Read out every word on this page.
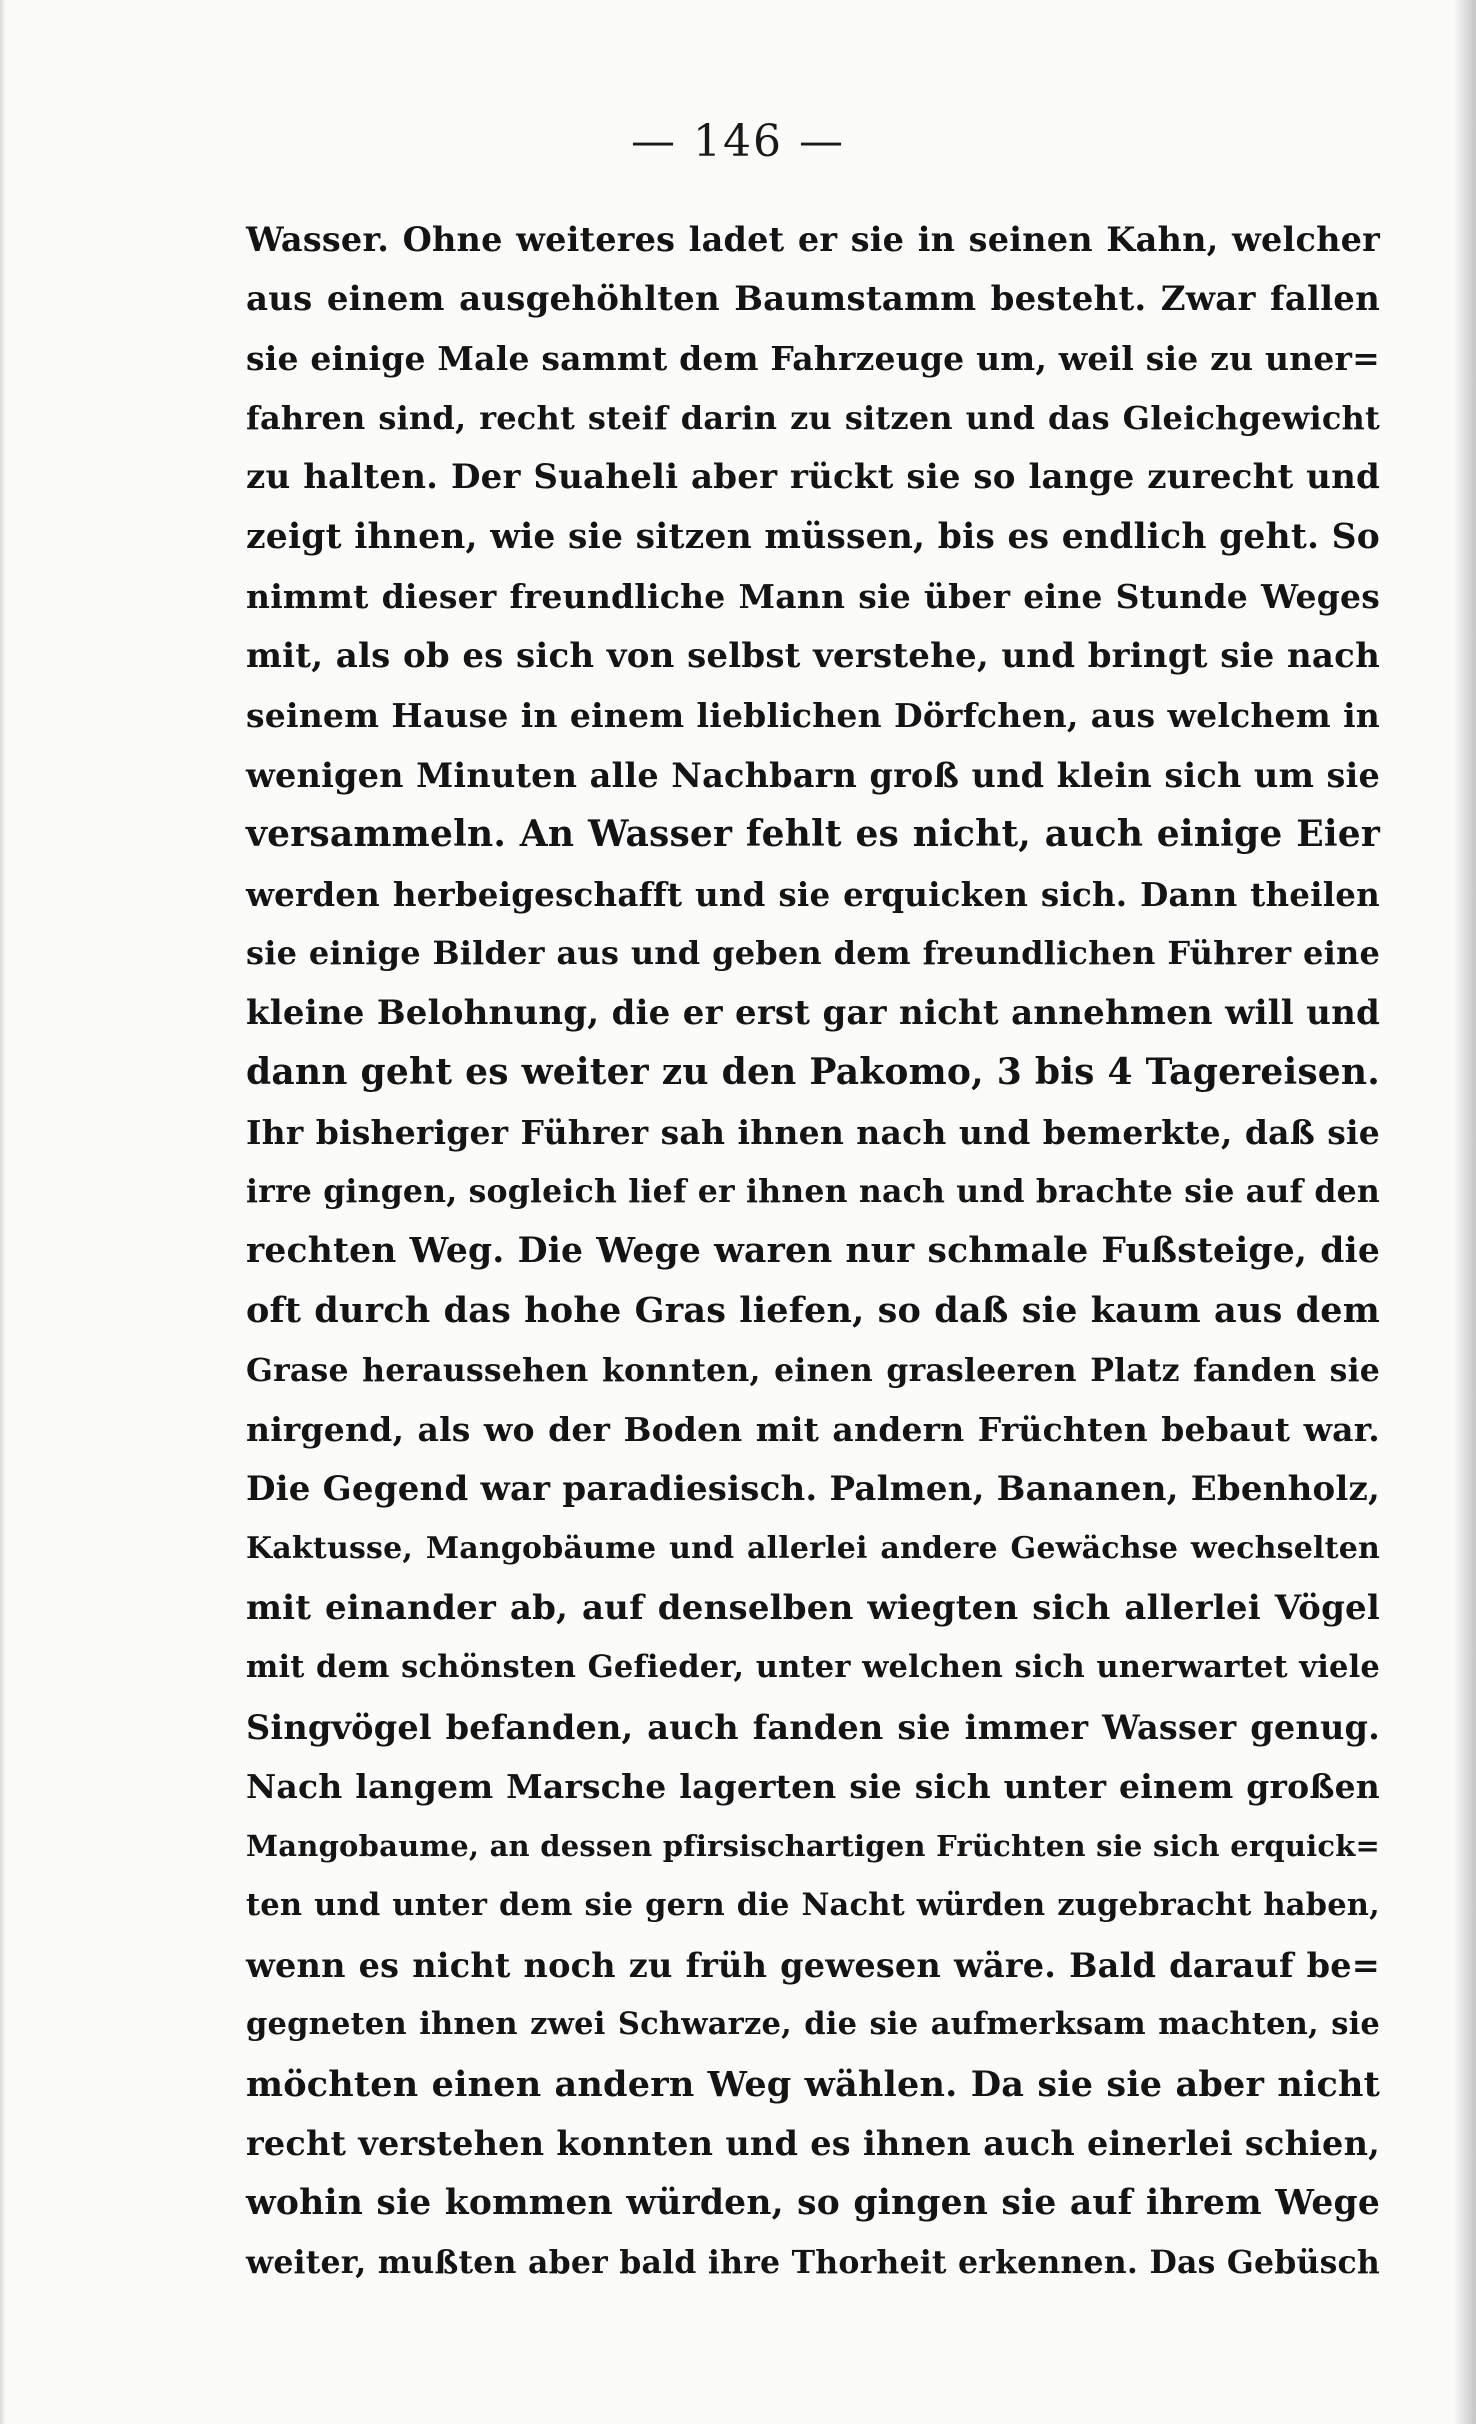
— 146 —
Wasser. Ohne weiteres ladet er sie in seinen Kahn, welcher
aus einem ausgehöhlten Baumstamm besteht. Zwar fallen
sie einige Male sammt dem Fahrzeuge um, weil sie zu uner=
fahren sind, recht steif darin zu sitzen und das Gleichgewicht
zu halten. Der Suaheli aber rückt sie so lange zurecht und
zeigt ihnen, wie sie sitzen müssen, bis es endlich geht. So
nimmt dieser freundliche Mann sie über eine Stunde Weges
mit, als ob es sich von selbst verstehe, und bringt sie nach
seinem Hause in einem lieblichen Dörfchen, aus welchem in
wenigen Minuten alle Nachbarn groß und klein sich um sie
versammeln. An Wasser fehlt es nicht, auch einige Eier
werden herbeigeschafft und sie erquicken sich. Dann theilen
sie einige Bilder aus und geben dem freundlichen Führer eine
kleine Belohnung, die er erst gar nicht annehmen will und
dann geht es weiter zu den Pakomo, 3 bis 4 Tagereisen.
Ihr bisheriger Führer sah ihnen nach und bemerkte, daß sie
irre gingen, sogleich lief er ihnen nach und brachte sie auf den
rechten Weg. Die Wege waren nur schmale Fußsteige, die
oft durch das hohe Gras liefen, so daß sie kaum aus dem
Grase heraussehen konnten, einen grasleeren Platz fanden sie
nirgend, als wo der Boden mit andern Früchten bebaut war.
Die Gegend war paradiesisch. Palmen, Bananen, Ebenholz,
Kaktusse, Mangobäume und allerlei andere Gewächse wechselten
mit einander ab, auf denselben wiegten sich allerlei Vögel
mit dem schönsten Gefieder, unter welchen sich unerwartet viele
Singvögel befanden, auch fanden sie immer Wasser genug.
Nach langem Marsche lagerten sie sich unter einem großen
Mangobaume, an dessen pfirsischartigen Früchten sie sich erquick=
ten und unter dem sie gern die Nacht würden zugebracht haben,
wenn es nicht noch zu früh gewesen wäre. Bald darauf be=
gegneten ihnen zwei Schwarze, die sie aufmerksam machten, sie
möchten einen andern Weg wählen. Da sie sie aber nicht
recht verstehen konnten und es ihnen auch einerlei schien,
wohin sie kommen würden, so gingen sie auf ihrem Wege
weiter, mußten aber bald ihre Thorheit erkennen. Das Gebüsch
